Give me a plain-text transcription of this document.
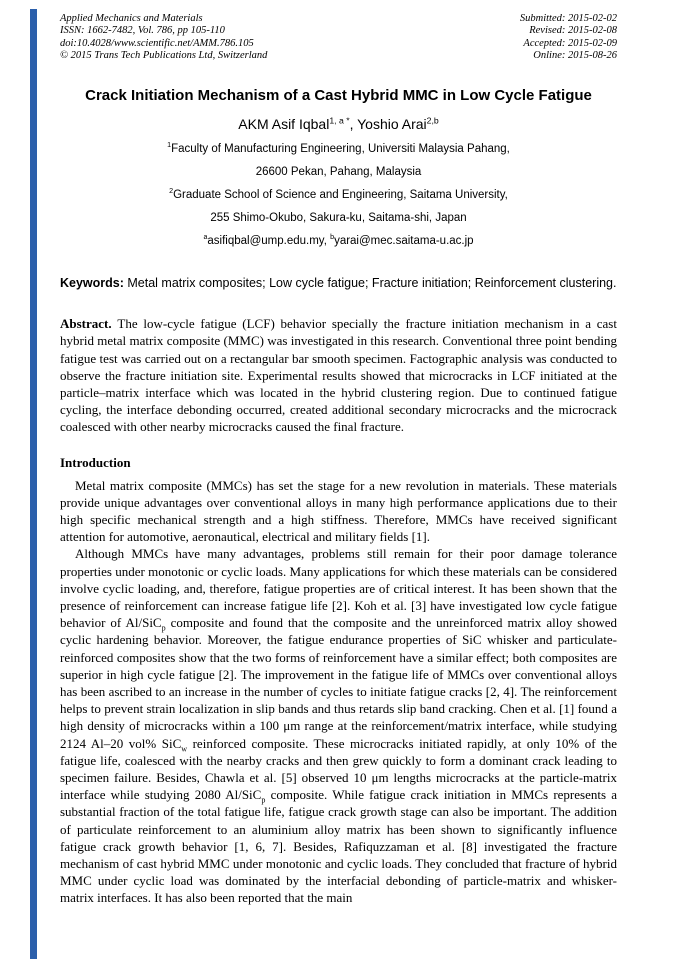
Applied Mechanics and Materials
ISSN: 1662-7482, Vol. 786, pp 105-110
doi:10.4028/www.scientific.net/AMM.786.105
© 2015 Trans Tech Publications Ltd, Switzerland
Submitted: 2015-02-02
Revised: 2015-02-08
Accepted: 2015-02-09
Online: 2015-08-26
Crack Initiation Mechanism of a Cast Hybrid MMC in Low Cycle Fatigue
AKM Asif Iqbal$^{1, a *}$, Yoshio Arai$^{2,b}$
$^1$Faculty of Manufacturing Engineering, Universiti Malaysia Pahang,
26600 Pekan, Pahang, Malaysia
$^2$Graduate School of Science and Engineering, Saitama University,
255 Shimo-Okubo, Sakura-ku, Saitama-shi, Japan
$^a$asifiqbal@ump.edu.my, $^b$yarai@mec.saitama-u.ac.jp

Keywords: Metal matrix composites; Low cycle fatigue; Fracture initiation; Reinforcement clustering.

Abstract. The low-cycle fatigue (LCF) behavior specially the fracture initiation mechanism in a cast hybrid metal matrix composite (MMC) was investigated in this research. Conventional three point bending fatigue test was carried out on a rectangular bar smooth specimen. Factographic analysis was conducted to observe the fracture initiation site. Experimental results showed that microcracks in LCF initiated at the particle–matrix interface which was located in the hybrid clustering region. Due to continued fatigue cycling, the interface debonding occurred, created additional secondary microcracks and the microcrack coalesced with other nearby microcracks caused the final fracture.

Introduction

Metal matrix composite (MMCs) has set the stage for a new revolution in materials. These materials provide unique advantages over conventional alloys in many high performance applications due to their high specific mechanical strength and a high stiffness. Therefore, MMCs have received significant attention for automotive, aeronautical, electrical and military fields [1].

Although MMCs have many advantages, problems still remain for their poor damage tolerance properties under monotonic or cyclic loads. Many applications for which these materials can be considered involve cyclic loading, and, therefore, fatigue properties are of critical interest. It has been shown that the presence of reinforcement can increase fatigue life [2]. Koh et al. [3] have investigated low cycle fatigue behavior of Al/SiC$_p$ composite and found that the composite and the unreinforced matrix alloy showed cyclic hardening behavior. Moreover, the fatigue endurance properties of SiC whisker and particulate-reinforced composites show that the two forms of reinforcement have a similar effect; both composites are superior in high cycle fatigue [2]. The improvement in the fatigue life of MMCs over conventional alloys has been ascribed to an increase in the number of cycles to initiate fatigue cracks [2, 4]. The reinforcement helps to prevent strain localization in slip bands and thus retards slip band cracking. Chen et al. [1] found a high density of microcracks within a 100 μm range at the reinforcement/matrix interface, while studying 2124 Al–20 vol% SiC$_w$ reinforced composite. These microcracks initiated rapidly, at only 10% of the fatigue life, coalesced with the nearby cracks and then grew quickly to form a dominant crack leading to specimen failure. Besides, Chawla et al. [5] observed 10 μm lengths microcracks at the particle-matrix interface while studying 2080 Al/SiC$_p$ composite. While fatigue crack initiation in MMCs represents a substantial fraction of the total fatigue life, fatigue crack growth stage can also be important. The addition of particulate reinforcement to an aluminium alloy matrix has been shown to significantly influence fatigue crack growth behavior [1, 6, 7]. Besides, Rafiquzzaman et al. [8] investigated the fracture mechanism of cast hybrid MMC under monotonic and cyclic loads. They concluded that fracture of hybrid MMC under cyclic load was dominated by the interfacial debonding of particle-matrix and whisker- matrix interfaces. It has also been reported that the main
